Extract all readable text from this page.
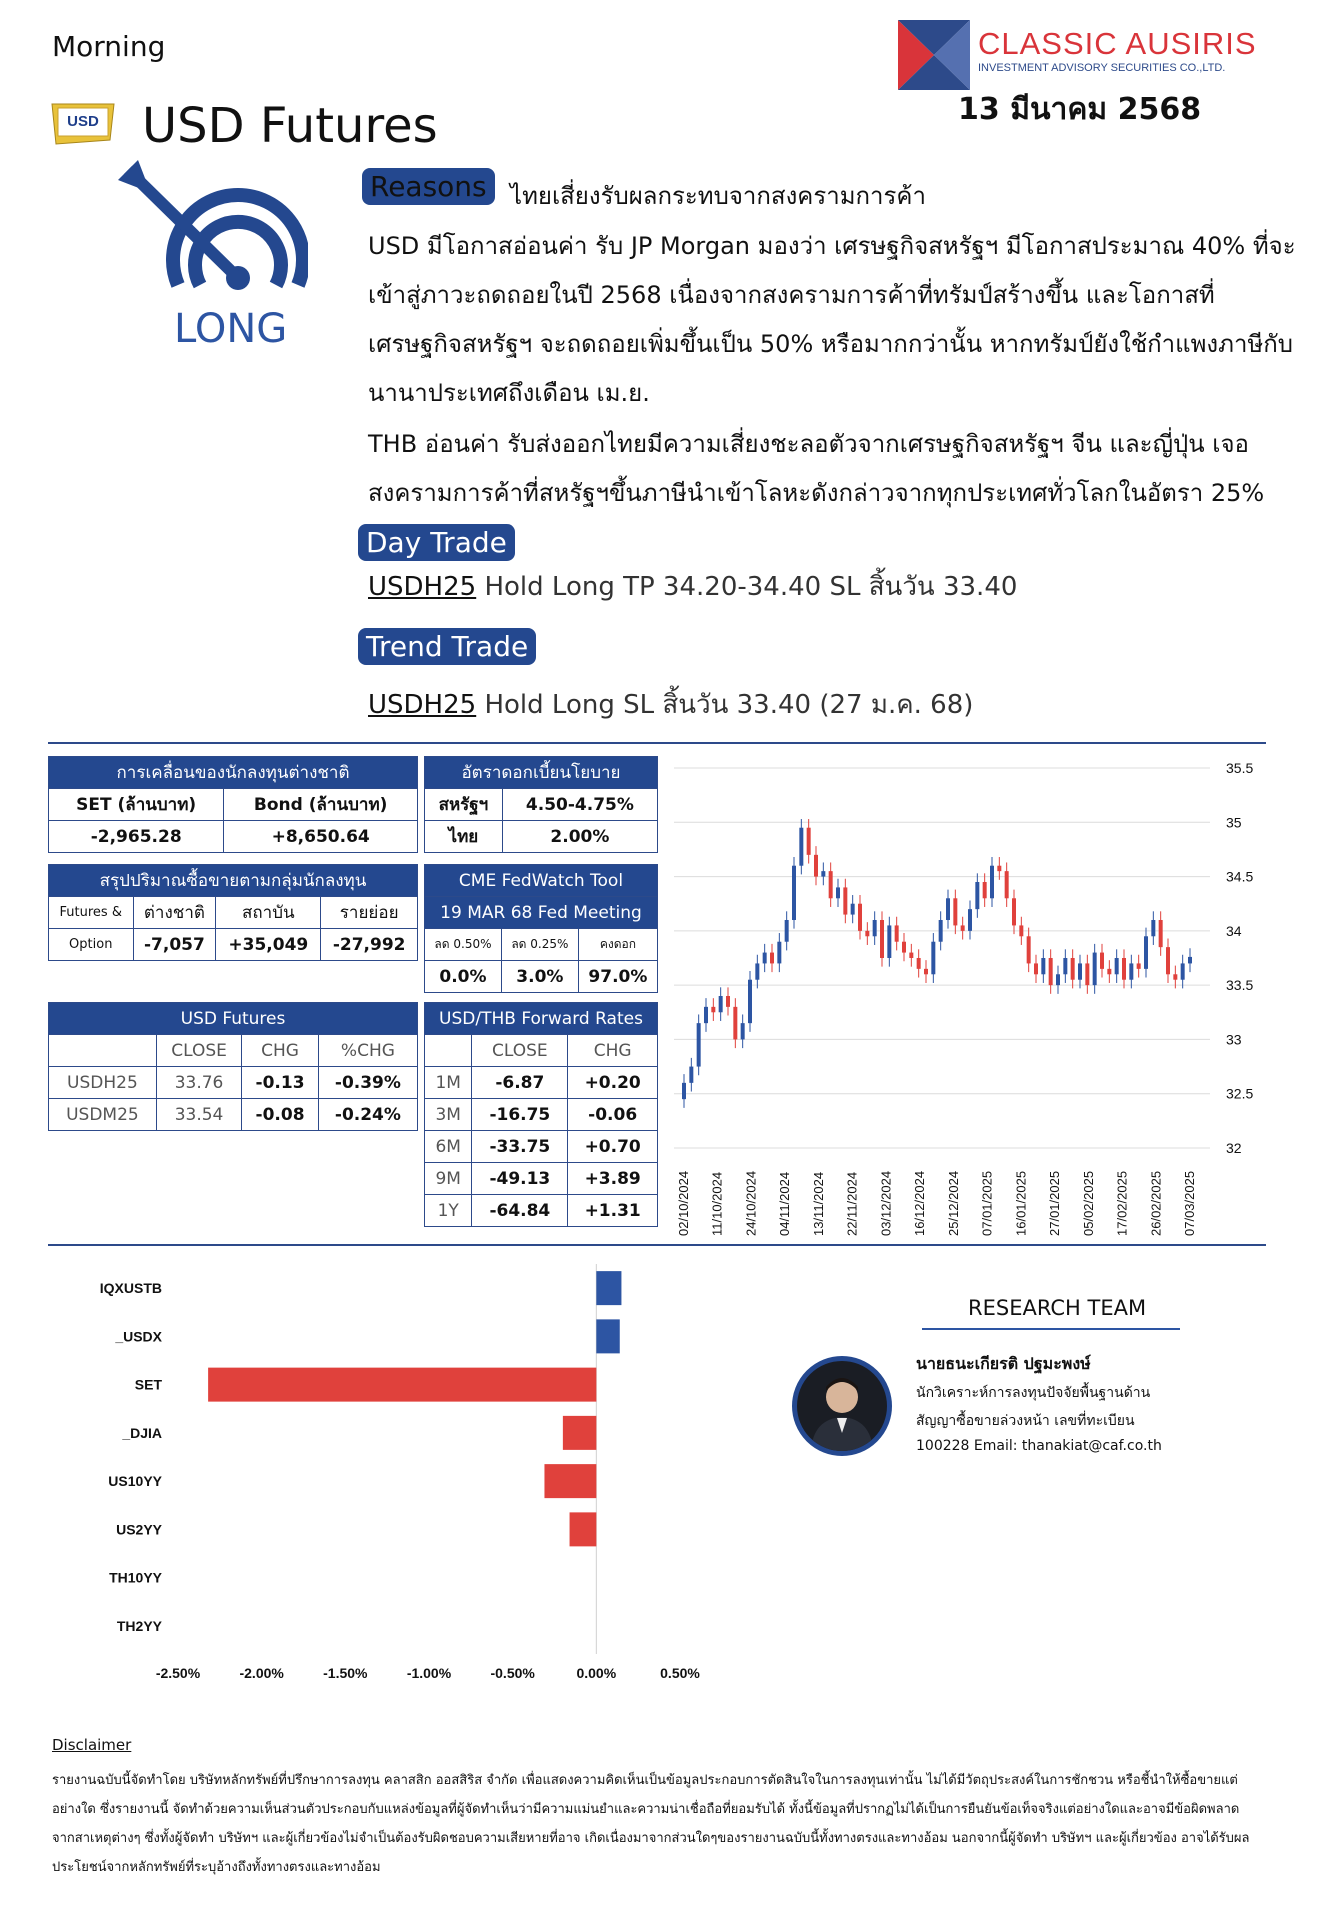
Morning	CLASSIC AUSIRIS
INVESTMENT ADVISORY SECURITIES CO.,LTD.
13 มีนาคม 2568
USD USD Futures
LONG
Reasons ไทยเสี่ยงรับผลกระทบจากสงครามการค้า
USD มีโอกาสอ่อนค่า รับ JP Morgan มองว่า เศรษฐกิจสหรัฐฯ มีโอกาสประมาณ 40% ที่จะเข้าสู่ภาวะถดถอยในปี 2568 เนื่องจากสงครามการค้าที่ทรัมป์สร้างขึ้น และโอกาสที่เศรษฐกิจสหรัฐฯ จะถดถอยเพิ่มขึ้นเป็น 50% หรือมากกว่านั้น หากทรัมป์ยังใช้กำแพงภาษีกับนานาประเทศถึงเดือน เม.ย.
THB อ่อนค่า รับส่งออกไทยมีความเสี่ยงชะลอตัวจากเศรษฐกิจสหรัฐฯ จีน และญี่ปุ่น เจอสงครามการค้าที่สหรัฐฯขึ้นภาษีนำเข้าโลหะดังกล่าวจากทุกประเทศทั่วโลกในอัตรา 25%
Day Trade
USDH25 Hold Long TP 34.20-34.40 SL สิ้นวัน 33.40
Trend Trade
USDH25 Hold Long SL สิ้นวัน 33.40 (27 ม.ค. 68)
การเคลื่อนของนักลงทุนต่างชาติ	
SET (ล้านบาท)	Bond (ล้านบาท)
-2,965.28	+8,650.64
อัตราดอกเบี้ยนโยบาย	
สหรัฐฯ	4.50-4.75%
ไทย	2.00%
สรุปปริมาณซื้อขายตามกลุ่มนักลงทุน			
Futures &	ต่างชาติ	สถาบัน	รายย่อย
Option	-7,057	+35,049	-27,992
CME FedWatch Tool		
19 MAR 68 Fed Meeting		
ลด 0.50%	ลด 0.25%	คงดอก
0.0%	3.0%	97.0%
USD Futures			
	CLOSE	CHG	%CHG
USDH25	33.76	-0.13	-0.39%
USDM25	33.54	-0.08	-0.24%
USD/THB Forward Rates		
	CLOSE	CHG
1M	-6.87	+0.20
3M	-16.75	-0.06
6M	-33.75	+0.70
9M	-49.13	+3.89
1Y	-64.84	+1.31
35.5
35
34.5
34
33.5
33
32.5
32
02/10/2024 11/10/2024 24/10/2024 04/11/2024 13/11/2024 22/11/2024 03/12/2024 16/12/2024 25/12/2024 07/01/2025 16/01/2025 27/01/2025 05/02/2025 17/02/2025 26/02/2025 07/03/2025
IQXUSTB
_USDX
SET
_DJIA
US10YY
US2YY
TH10YY
TH2YY
-2.50%	-2.00%	-1.50%	-1.00%	-0.50%	0.00%	0.50%
RESEARCH TEAM
นายธนะเกียรติ ปฐมะพงษ์
นักวิเคราะห์การลงทุนปัจจัยพื้นฐานด้าน
สัญญาซื้อขายล่วงหน้า เลขที่ทะเบียน
100228 Email: thanakiat@caf.co.th
Disclaimer
รายงานฉบับนี้จัดทำโดย บริษัทหลักทรัพย์ที่ปรึกษาการลงทุน คลาสสิก ออสสิริส จำกัด เพื่อแสดงความคิดเห็นเป็นข้อมูลประกอบการตัดสินใจในการลงทุนเท่านั้น ไม่ได้มีวัตถุประสงค์ในการชักชวน หรือชี้นำให้ซื้อขายแต่อย่างใด ซึ่งรายงานนี้ จัดทำด้วยความเห็นส่วนตัวประกอบกับแหล่งข้อมูลที่ผู้จัดทำเห็นว่ามีความแม่นยำและความน่าเชื่อถือที่ยอมรับได้ ทั้งนี้ข้อมูลที่ปรากฏไม่ได้เป็นการยืนยันข้อเท็จจริงแต่อย่างใดและอาจมีข้อผิดพลาดจากสาเหตุต่างๆ ซึ่งทั้งผู้จัดทำ บริษัทฯ และผู้เกี่ยวข้องไม่จำเป็นต้องรับผิดชอบความเสียหายที่อาจ เกิดเนื่องมาจากส่วนใดๆของรายงานฉบับนี้ทั้งทางตรงและทางอ้อม นอกจากนี้ผู้จัดทำ บริษัทฯ และผู้เกี่ยวข้อง อาจได้รับผลประโยชน์จากหลักทรัพย์ที่ระบุอ้างถึงทั้งทางตรงและทางอ้อม
